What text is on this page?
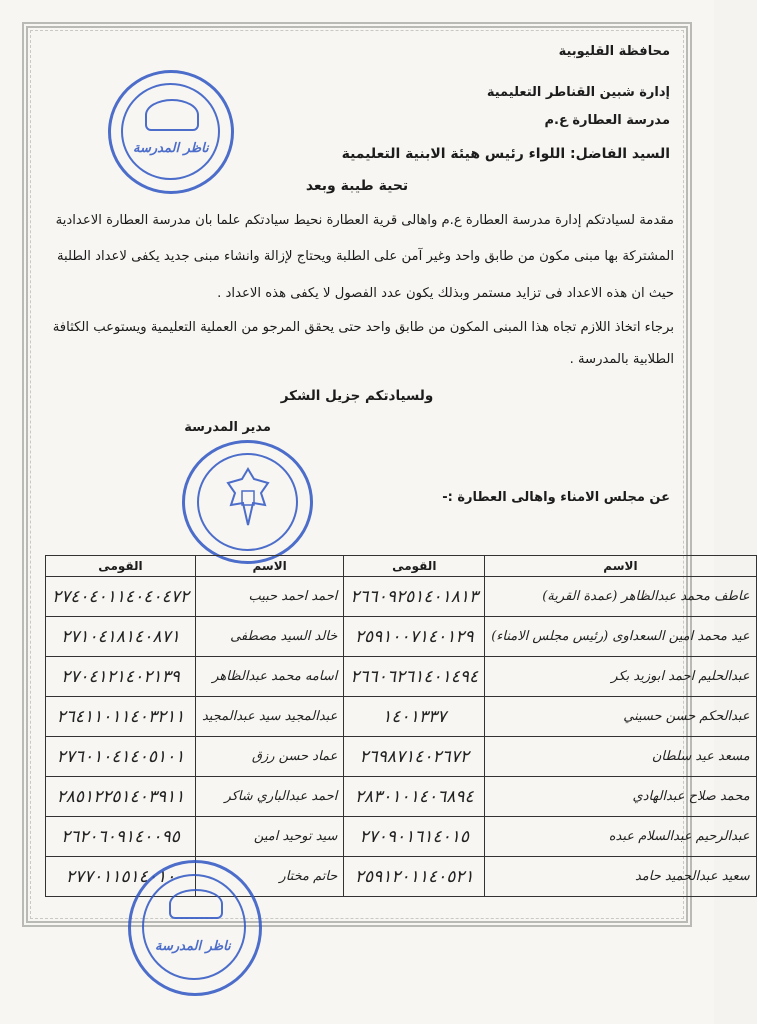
ناظر المدرسة
محافظة القليوبية
إدارة شبين القناطر التعليمية
مدرسة العطارة ع.م
السيد الفاضل: اللواء رئيس هيئة الابنية التعليمية
تحية طيبة وبعد
مقدمة لسيادتكم إدارة مدرسة العطارة ع.م واهالى قرية العطارة نحيط سيادتكم علما بان مدرسة العطارة الاعدادية
المشتركة بها مبنى مكون من طابق واحد وغير آمن على الطلبة ويحتاج لإزالة وانشاء مبنى جديد يكفى لاعداد الطلبة
حيث ان هذه الاعداد فى تزايد مستمر وبذلك يكون عدد الفصول لا يكفى هذه الاعداد .
برجاء اتخاذ اللازم تجاه هذا المبنى المكون من طابق واحد حتى يحقق المرجو من العملية التعليمية ويستوعب الكثافة
الطلابية بالمدرسة .
ولسيادتكم جزيل الشكر
مدير المدرسة
عن مجلس الامناء واهالى العطارة :-
الاسم	القومى	الاسم	القومى
عاطف محمد عبدالظاهر (عمدة القرية)	٢٦٦٠٩٢٥١٤٠١٨١٣	احمد احمد حبيب	٢٧٤٠٤٠١١٤٠٤٠٤٧٢
عيد محمد امين السعداوى (رئيس مجلس الامناء)	٢٥٩١٠٠٧١٤٠١٢٩	خالد السيد مصطفى	٢٧١٠٤١٨١٤٠٨٧١
عبدالحليم احمد ابوزيد بكر	٢٦٦٠٦٢٦١٤٠١٤٩٤	اسامه محمد عبدالظاهر	٢٧٠٤١٢١٤٠٢١٣٩
عبدالحكم حسن حسيني	١٤٠١٣٣٧	عبدالمجيد سيد عبدالمجيد	٢٦٤١١٠١١٤٠٣٢١١
مسعد عيد سلطان	٢٦٩٨٧١٤٠٢٦٧٢	عماد حسن رزق	٢٧٦٠١٠٤١٤٠٥١٠١
محمد صلاح عبدالهادي	٢٨٣٠١٠١٤٠٦٨٩٤	احمد عبدالباري شاكر	٢٨٥١٢٢٥١٤٠٣٩١١
عبدالرحيم عبدالسلام عبده	٢٧٠٩٠١٦١٤٠١٥	سيد توحيد امين	٢٦٢٠٦٠٩١٤٠٠٩٥
سعيد عبدالحميد حامد	٢٥٩١٢٠١١٤٠٥٢١	حاتم مختار	٢٧٧٠١١٥١٤٠١٠
ناظر المدرسة
